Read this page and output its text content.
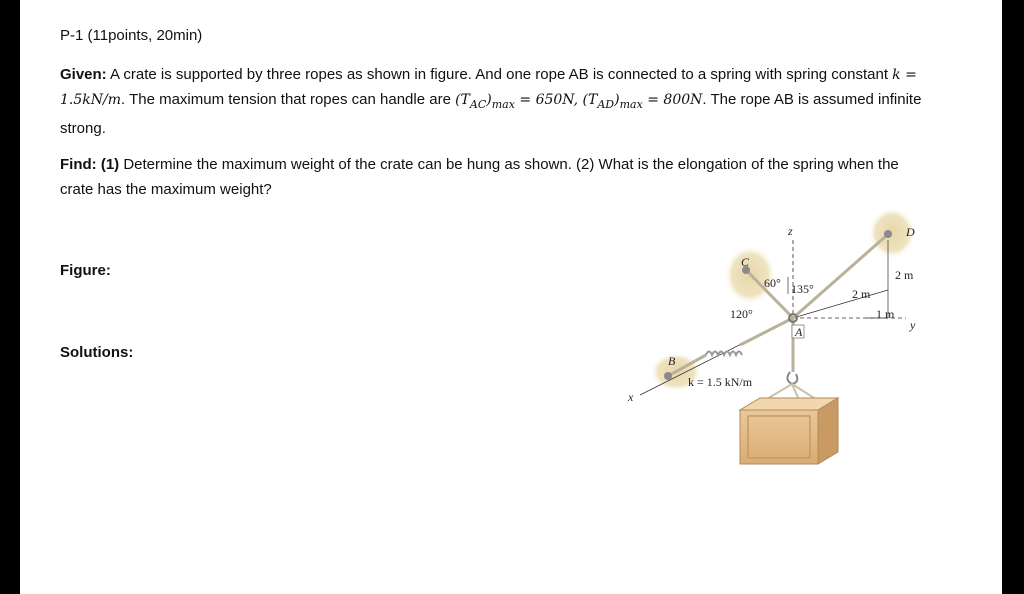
P-1 (11points, 20min)
Given: A crate is supported by three ropes as shown in figure. And one rope AB is connected to a spring with spring constant k = 1.5kN/m. The maximum tension that ropes can handle are $(T_{AC})_{max} = 650N$, $(T_{AD})_{max} = 800N$. The rope AB is assumed infinite strong.
Find: (1) Determine the maximum weight of the crate can be hung as shown. (2) What is the elongation of the spring when the crate has the maximum weight?
Figure:
Solutions:
z
x
y
C
D
B
A
60° 135°
120°
2 m
2 m
1 m
k = 1.5 kN/m
